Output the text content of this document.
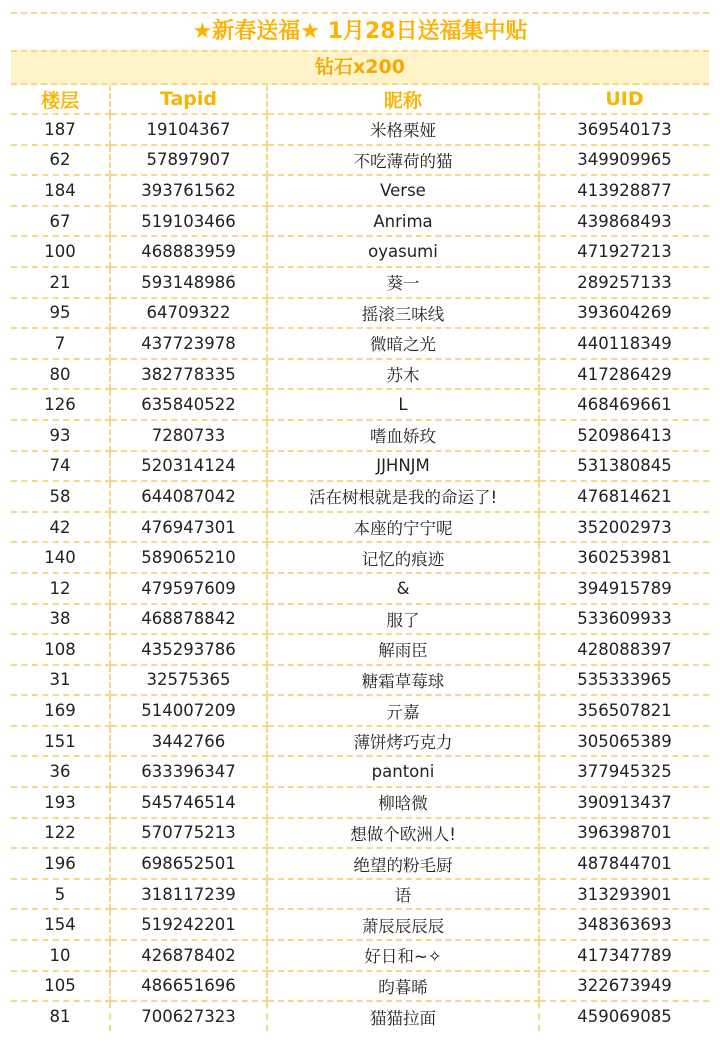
★新春送福★ 1月28日送福集中贴
钻石x200
楼层	Tapid	昵称	UID
187	19104367	米格栗娅	369540173
62	57897907	不吃薄荷的猫	349909965
184	393761562	Verse	413928877
67	519103466	Anrima	439868493
100	468883959	oyasumi	471927213
21	593148986	葵一	289257133
95	64709322	摇滚三味线	393604269
7	437723978	微暗之光	440118349
80	382778335	苏木	417286429
126	635840522	L	468469661
93	7280733	嗜血娇玫	520986413
74	520314124	JJHNJM	531380845
58	644087042	活在树根就是我的命运了!	476814621
42	476947301	本座的宁宁呢	352002973
140	589065210	记忆的痕迹	360253981
12	479597609	&	394915789
38	468878842	服了	533609933
108	435293786	解雨臣	428088397
31	32575365	糖霜草莓球	535333965
169	514007209	亓嘉	356507821
151	3442766	薄饼烤巧克力	305065389
36	633396347	pantoni	377945325
193	545746514	柳晗微	390913437
122	570775213	想做个欧洲人!	396398701
196	698652501	绝望的粉毛厨	487844701
5	318117239	语	313293901
154	519242201	萧辰辰辰辰	348363693
10	426878402	好日和~✧	417347789
105	486651696	昀暮晞	322673949
81	700627323	猫猫拉面	459069085
